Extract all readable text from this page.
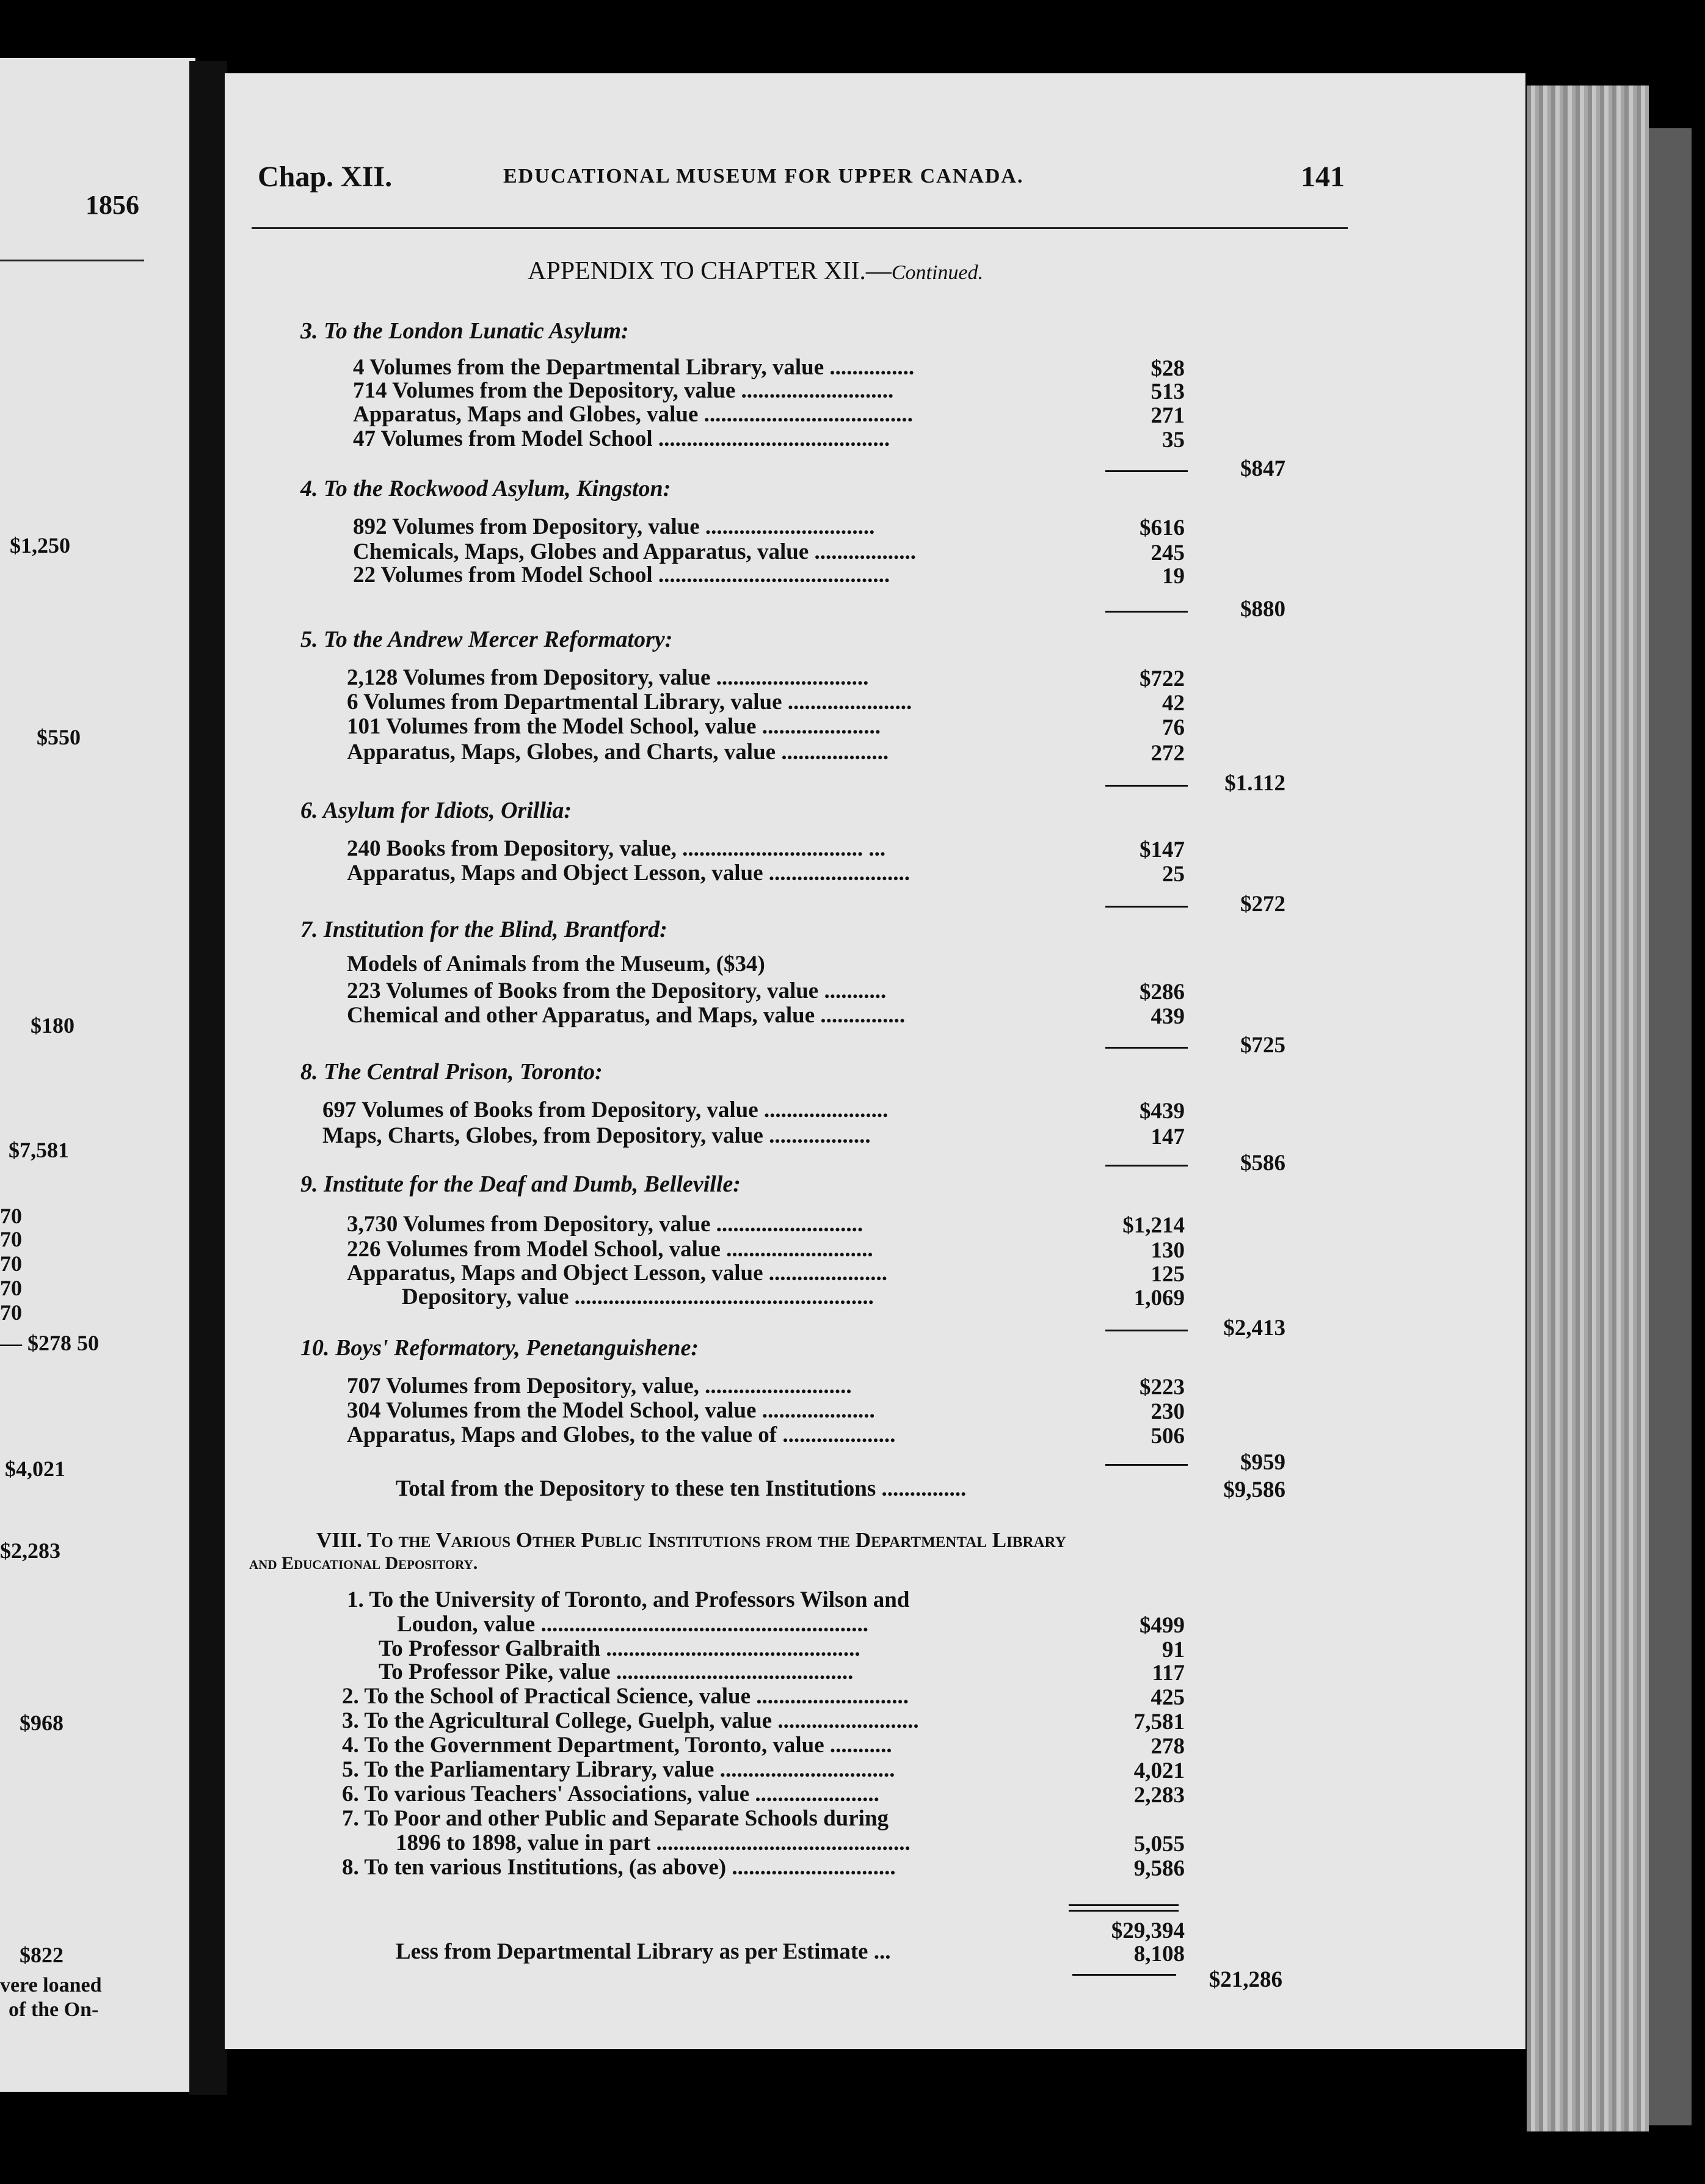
1856
$1,250
$550
$180
$7,581
70
70
70
70
70
— $278 50
$4,021
$2,283
$968
$822
vere loaned
of the On-
Chap. XII.	EDUCATIONAL MUSEUM FOR UPPER CANADA.	141
APPENDIX TO CHAPTER XII.—Continued.
3. To the London Lunatic Asylum:
4 Volumes from the Departmental Library, value ...............	$28
714 Volumes from the Depository, value ...........................	513
Apparatus, Maps and Globes, value .....................................	271
47 Volumes from Model School .........................................	35
$847
4. To the Rockwood Asylum, Kingston:
892 Volumes from Depository, value ..............................	$616
Chemicals, Maps, Globes and Apparatus, value ..................	245
22 Volumes from Model School .........................................	19
$880
5. To the Andrew Mercer Reformatory:
2,128 Volumes from Depository, value ...........................	$722
6 Volumes from Departmental Library, value ......................	42
101 Volumes from the Model School, value .....................	76
Apparatus, Maps, Globes, and Charts, value ...................	272
$1.112
6. Asylum for Idiots, Orillia:
240 Books from Depository, value, ................................ ...	$147
Apparatus, Maps and Object Lesson, value .........................	25
$272
7. Institution for the Blind, Brantford:
Models of Animals from the Museum, ($34)
223 Volumes of Books from the Depository, value ...........	$286
Chemical and other Apparatus, and Maps, value ...............	439
$725
8. The Central Prison, Toronto:
697 Volumes of Books from Depository, value ......................	$439
Maps, Charts, Globes, from Depository, value ..................	147
$586
9. Institute for the Deaf and Dumb, Belleville:
3,730 Volumes from Depository, value ..........................	$1,214
226 Volumes from Model School, value ..........................	130
Apparatus, Maps and Object Lesson, value .....................	125
Depository, value .....................................................	1,069
$2,413
10. Boys' Reformatory, Penetanguishene:
707 Volumes from Depository, value, ..........................	$223
304 Volumes from the Model School, value ....................	230
Apparatus, Maps and Globes, to the value of ....................	506
$959
Total from the Depository to these ten Institutions ...............	$9,586
VIII. To the Various Other Public Institutions from the Departmental Library
and Educational Depository.
1. To the University of Toronto, and Professors Wilson and
Loudon, value ..........................................................	$499
To Professor Galbraith .............................................	91
To Professor Pike, value ..........................................	117
2. To the School of Practical Science, value ...........................	425
3. To the Agricultural College, Guelph, value .........................	7,581
4. To the Government Department, Toronto, value ...........	278
5. To the Parliamentary Library, value ...............................	4,021
6. To various Teachers' Associations, value ......................	2,283
7. To Poor and other Public and Separate Schools during
1896 to 1898, value in part .............................................	5,055
8. To ten various Institutions, (as above) .............................	9,586
$29,394
Less from Departmental Library as per Estimate ...	8,108
$21,286
